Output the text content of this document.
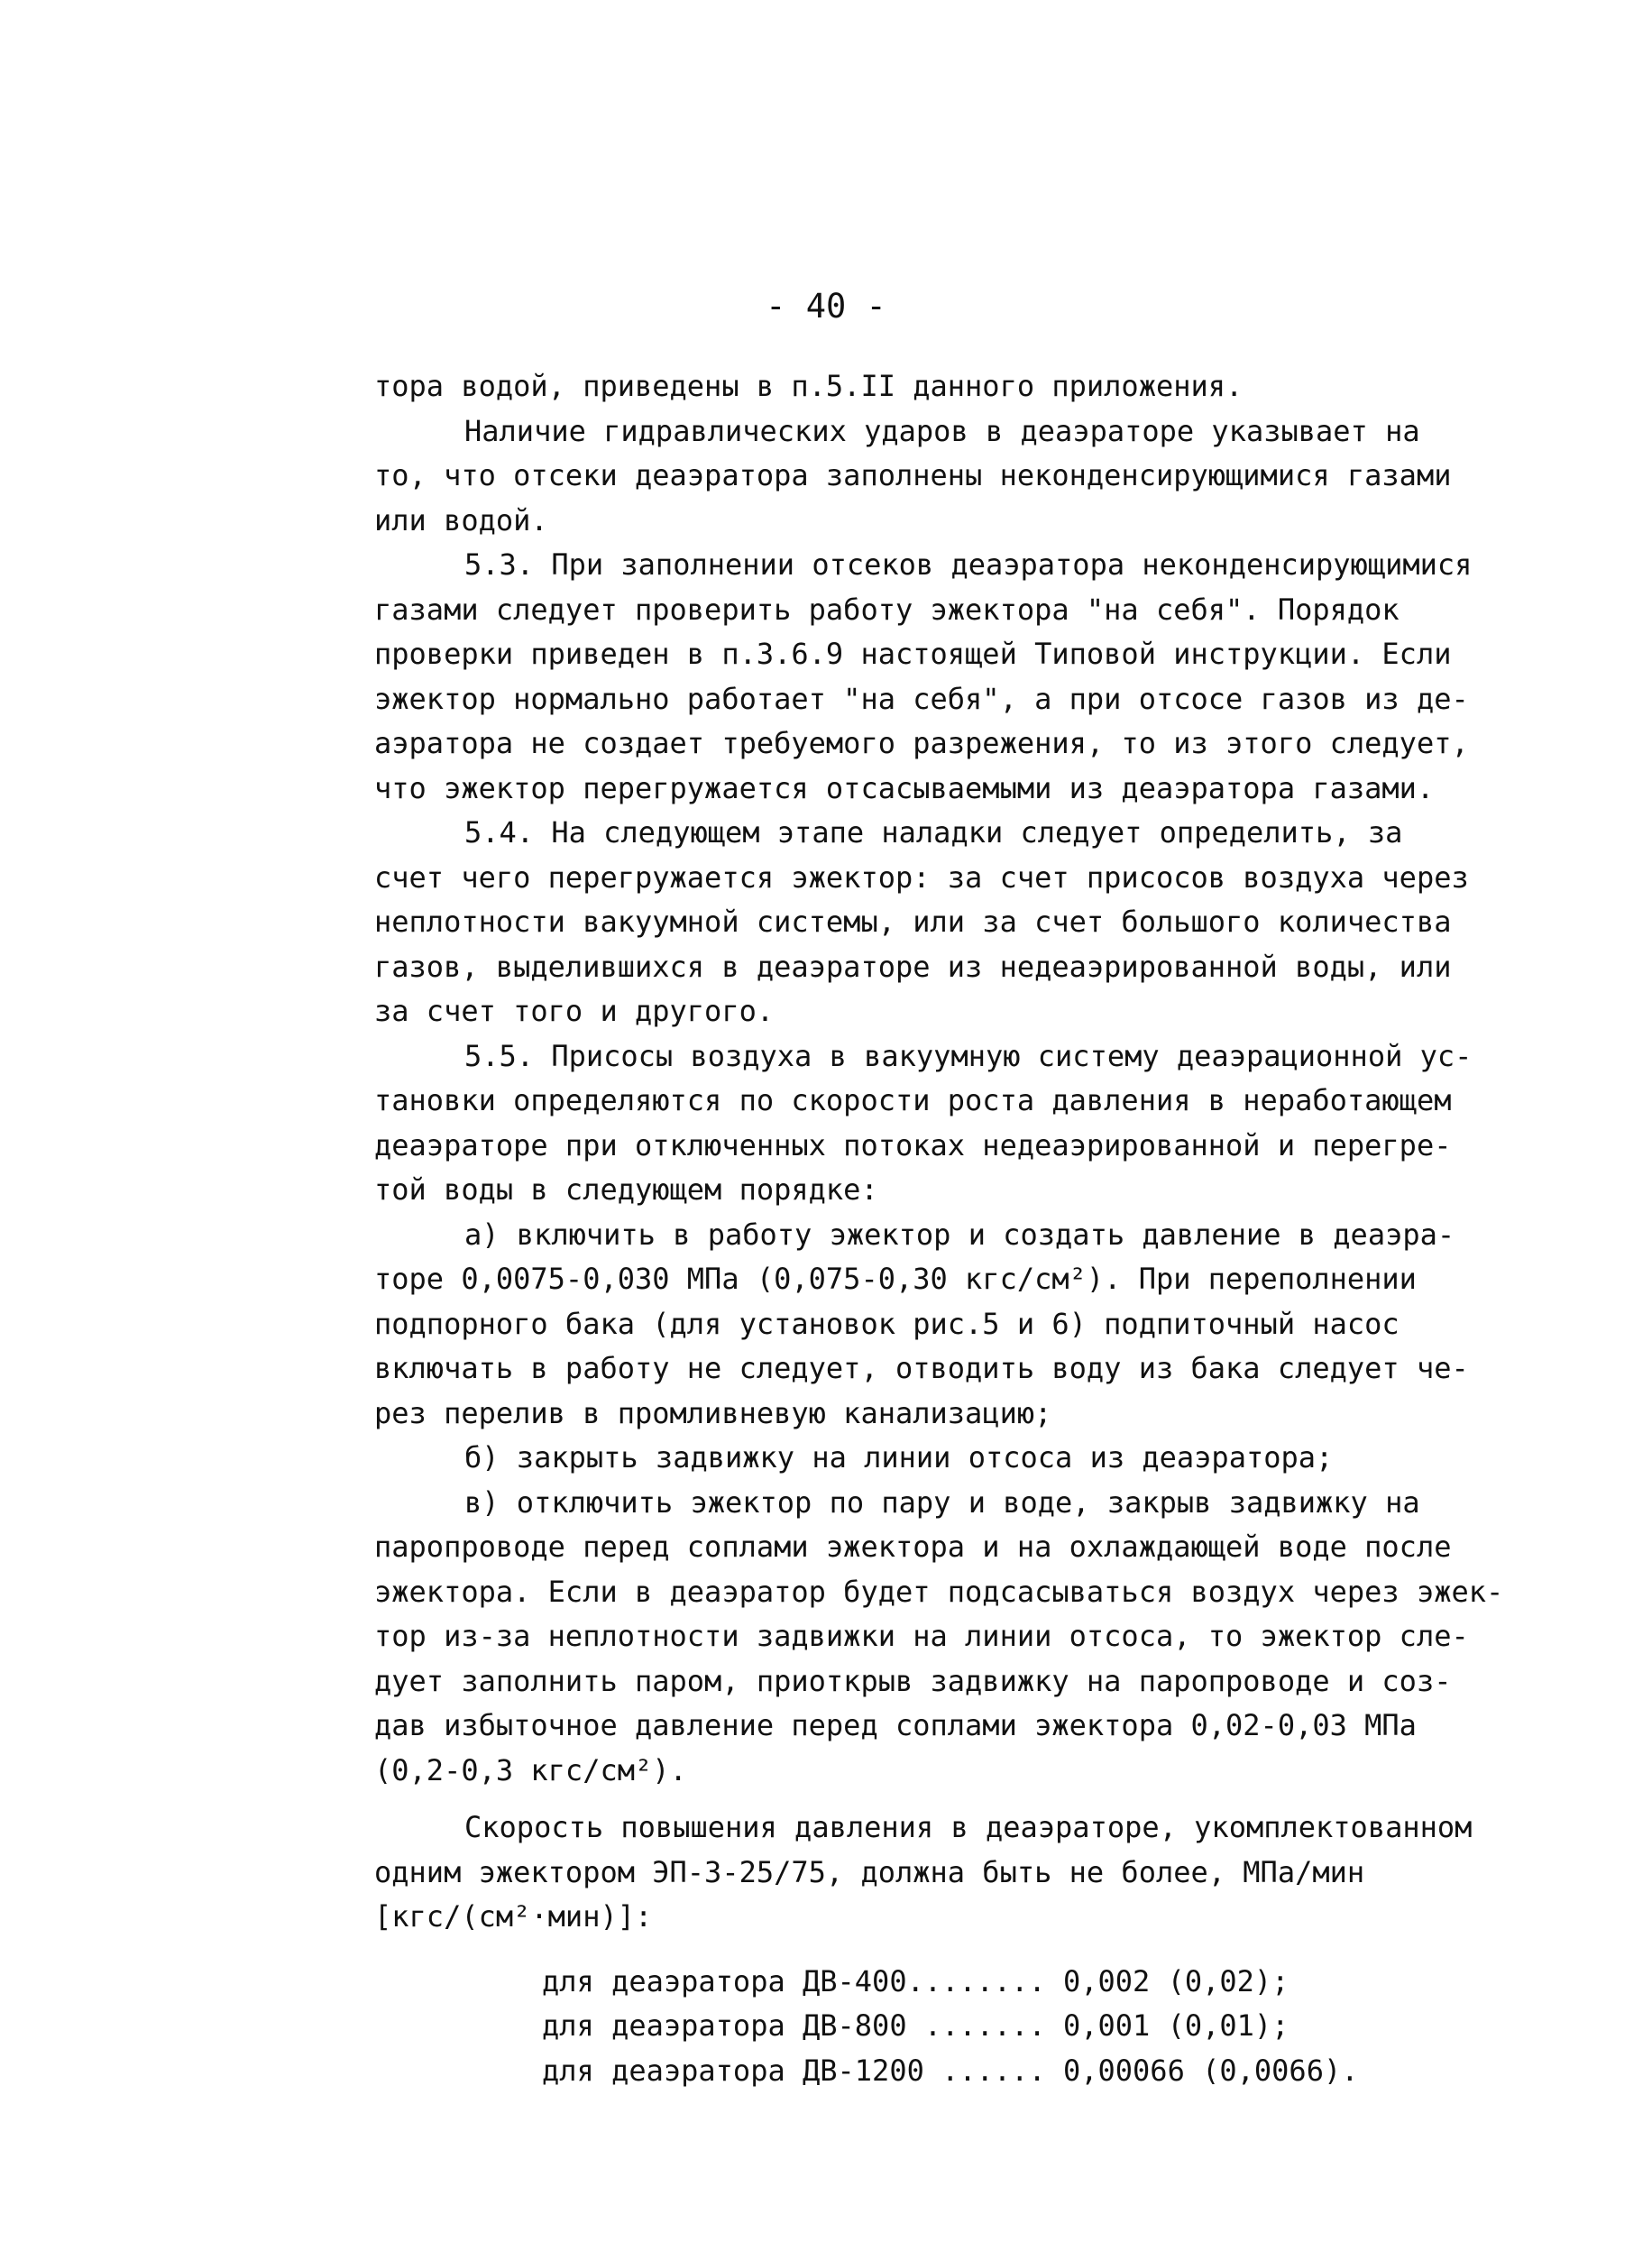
- 40 -
тора водой, приведены в п.5.II данного приложения.
Наличие гидравлических ударов в деаэраторе указывает на
то, что отсеки деаэратора заполнены неконденсирующимися газами
или водой.
5.3. При заполнении отсеков деаэратора неконденсирующимися
газами следует проверить работу эжектора "на себя". Порядок
проверки приведен в п.3.6.9 настоящей Типовой инструкции. Если
эжектор нормально работает "на себя", а при отсосе газов из де-
аэратора не создает требуемого разрежения, то из этого следует,
что эжектор перегружается отсасываемыми из деаэратора газами.
5.4. На следующем этапе наладки следует определить, за
счет чего перегружается эжектор: за счет присосов воздуха через
неплотности вакуумной системы, или за счет большого количества
газов, выделившихся в деаэраторе из недеаэрированной воды, или
за счет того и другого.
5.5. Присосы воздуха в вакуумную систему деаэрационной ус-
тановки определяются по скорости роста давления в неработающем
деаэраторе при отключенных потоках недеаэрированной и перегре-
той воды в следующем порядке:
а) включить в работу эжектор и создать давление в деаэра-
торе 0,0075-0,030 МПа (0,075-0,30 кгс/см²). При переполнении
подпорного бака (для установок рис.5 и 6) подпиточный насос
включать в работу не следует, отводить воду из бака следует че-
рез перелив в промливневую канализацию;
б) закрыть задвижку на линии отсоса из деаэратора;
в) отключить эжектор по пару и воде, закрыв задвижку на
паропроводе перед соплами эжектора и на охлаждающей воде после
эжектора. Если в деаэратор будет подсасываться воздух через эжек-
тор из-за неплотности задвижки на линии отсоса, то эжектор сле-
дует заполнить паром, приоткрыв задвижку на паропроводе и соз-
дав избыточное давление перед соплами эжектора 0,02-0,03 МПа
(0,2-0,3 кгс/см²).
Скорость повышения давления в деаэраторе, укомплектованном
одним эжектором ЭП-3-25/75, должна быть не более, МПа/мин
[кгс/(см²·мин)]:
для деаэратора ДВ-400........ 0,002 (0,02);
для деаэратора ДВ-800 ....... 0,001 (0,01);
для деаэратора ДВ-1200 ...... 0,00066 (0,0066).
